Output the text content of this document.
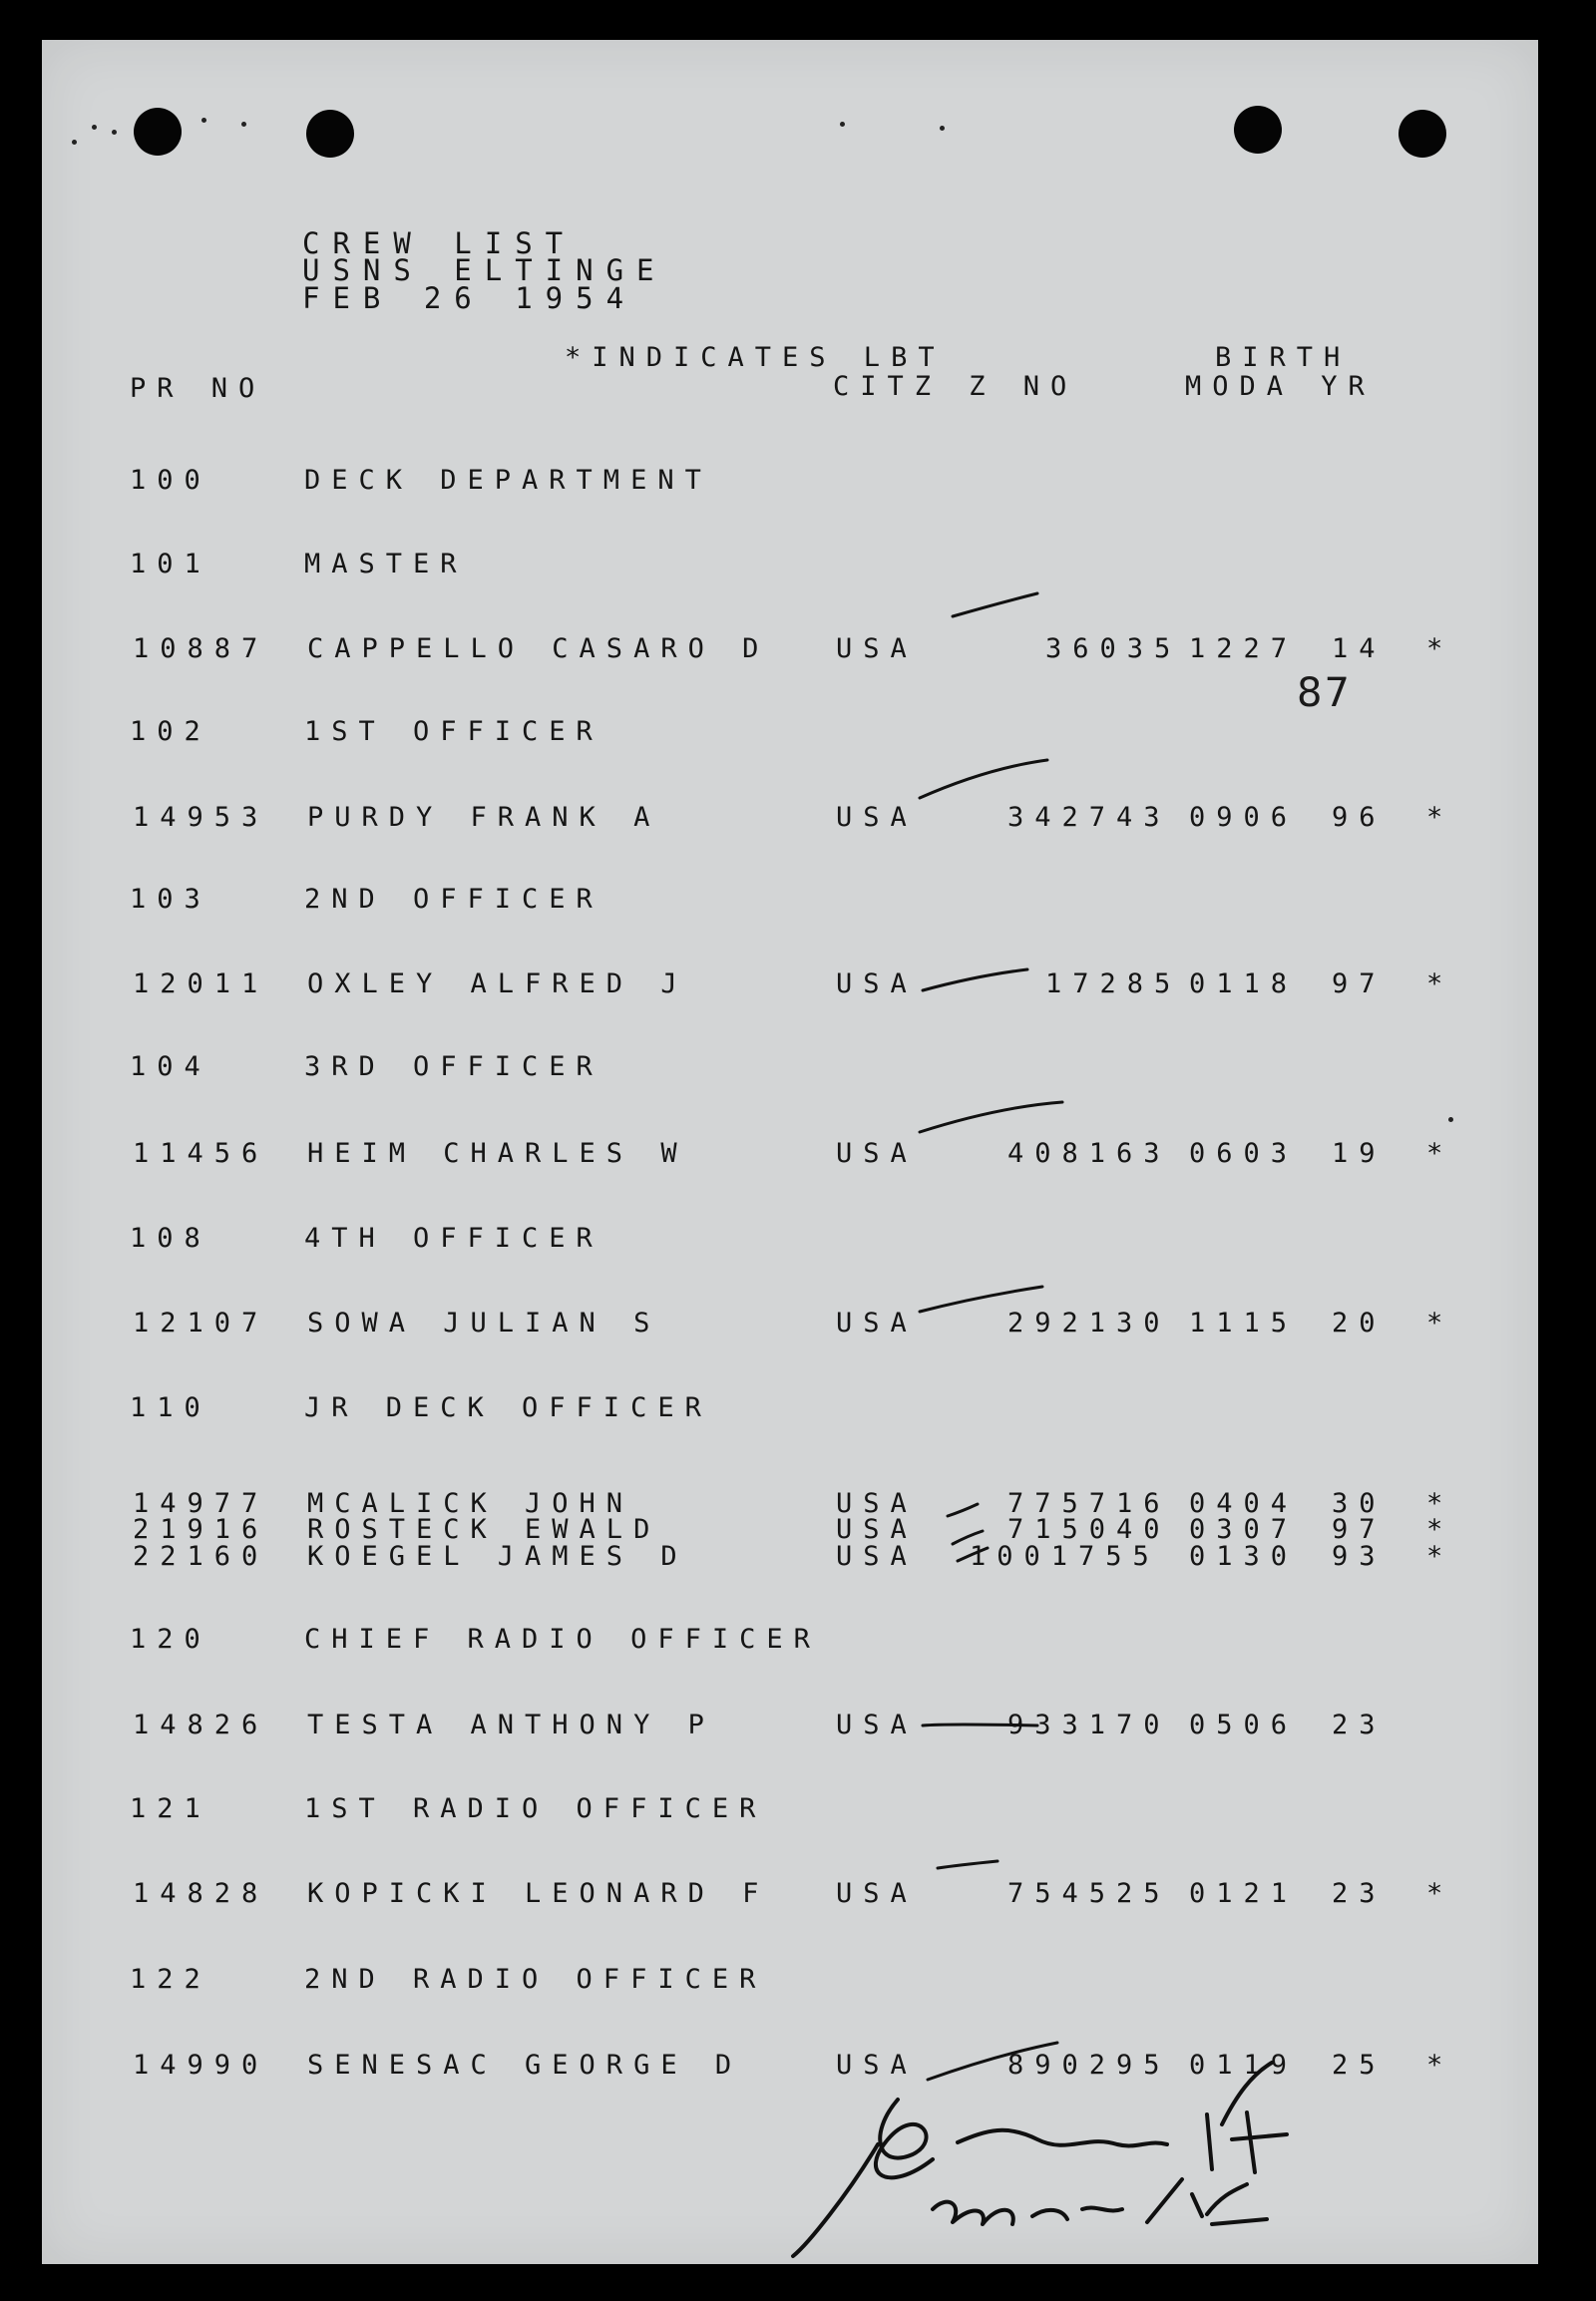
CREW LIST
USNS ELTINGE
FEB 26 1954
*INDICATES LBT	BIRTH
PR NO	CITZ Z NO	MODA YR
87
100	DECK DEPARTMENT
101	MASTER
10887 CAPPELLO CASARO D USA	36035 1227 14 *
102	1ST OFFICER
14953 PURDY FRANK A	USA	342743 0906 96 *
103	2ND OFFICER
12011 OXLEY ALFRED J	USA	17285 0118 97 *
104	3RD OFFICER
11456 HEIM CHARLES W	USA	408163 0603 19 *
108	4TH OFFICER
12107 SOWA JULIAN S	USA	292130 1115 20 *
110	JR DECK OFFICER
14977 MCALICK JOHN	USA	775716 0404 30 *
21916 ROSTECK EWALD	USA	715040 0307 97 *
22160 KOEGEL JAMES D	USA 1001755 0130 93 *
120	CHIEF RADIO OFFICER
14826 TESTA ANTHONY P	USA	933170 0506 23
121	1ST RADIO OFFICER
14828 KOPICKI LEONARD F USA	754525 0121 23 *
122	2ND RADIO OFFICER
14990 SENESAC GEORGE D	USA	890295 0119 25 *
